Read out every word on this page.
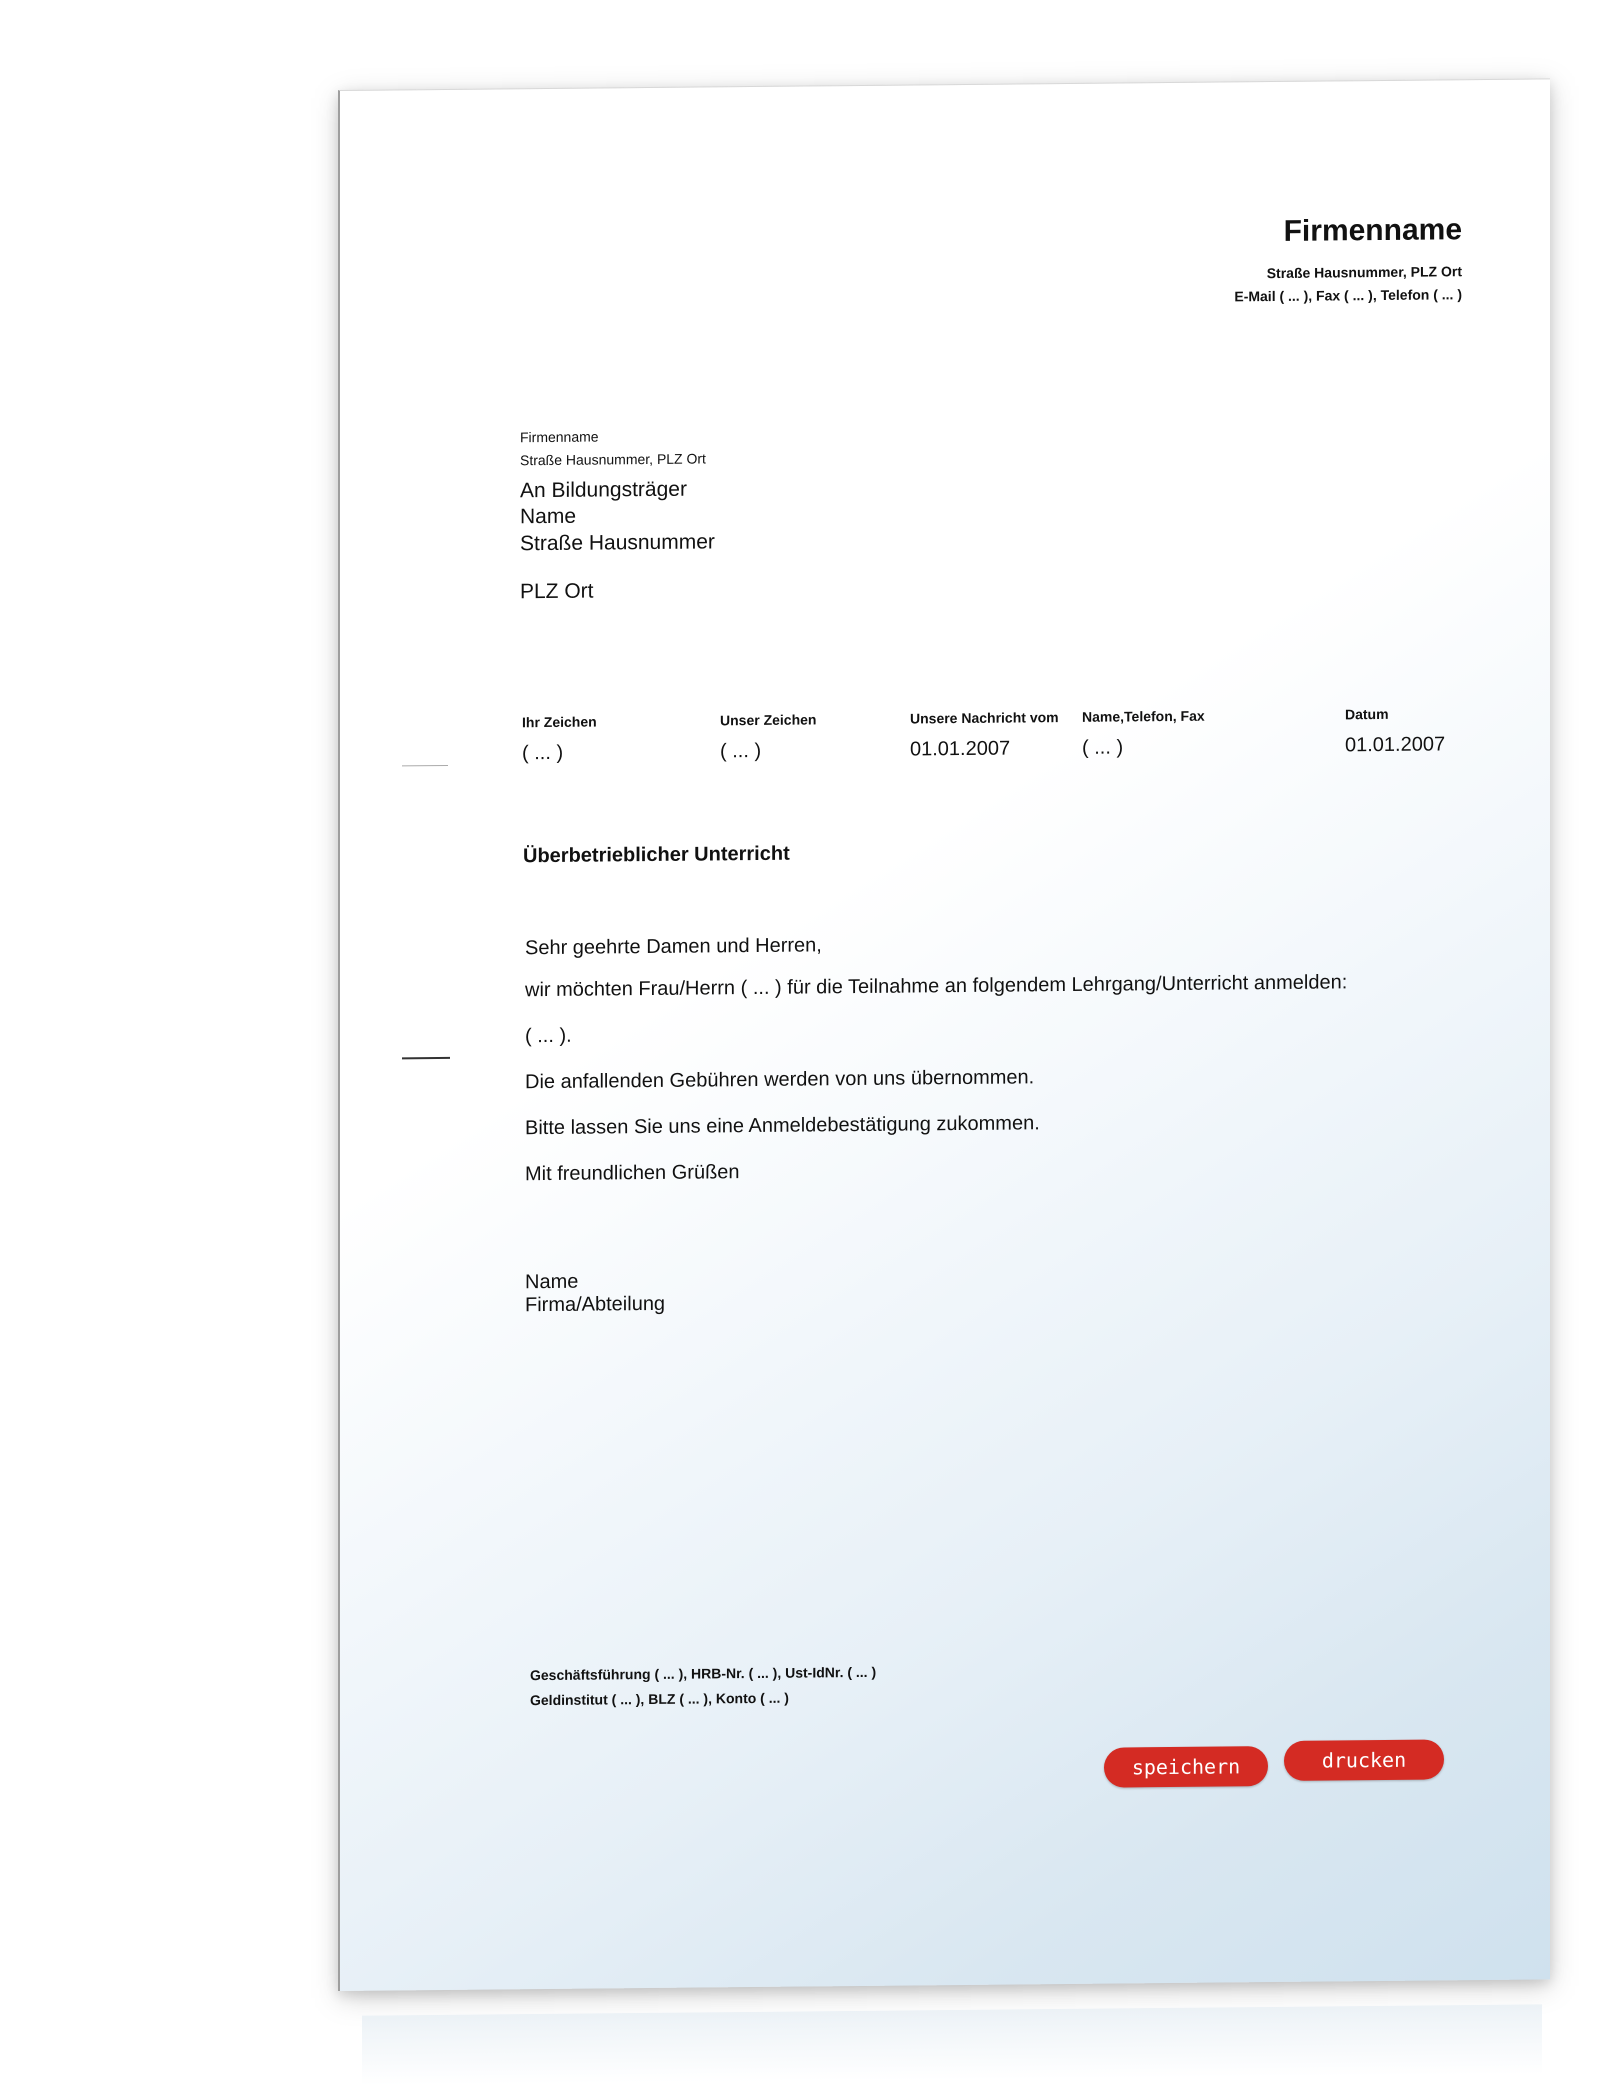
Firmenname
Straße Hausnummer, PLZ Ort
E-Mail ( ... ), Fax ( ... ), Telefon ( ... )
Firmenname
Straße Hausnummer, PLZ Ort
An Bildungsträger
Name
Straße Hausnummer
PLZ Ort
Ihr Zeichen
( ... )
Unser Zeichen
( ... )
Unsere Nachricht vom
01.01.2007
Name,Telefon, Fax
( ... )
Datum
01.01.2007
Überbetrieblicher Unterricht
Sehr geehrte Damen und Herren,
wir möchten Frau/Herrn ( ... ) für die Teilnahme an folgendem Lehrgang/Unterricht anmelden:
( ... ).
Die anfallenden Gebühren werden von uns übernommen.
Bitte lassen Sie uns eine Anmeldebestätigung zukommen.
Mit freundlichen Grüßen
Name
Firma/Abteilung
Geschäftsführung ( ... ), HRB-Nr. ( ... ), Ust-IdNr. ( ... )
Geldinstitut ( ... ), BLZ ( ... ), Konto ( ... )
speichern	drucken
